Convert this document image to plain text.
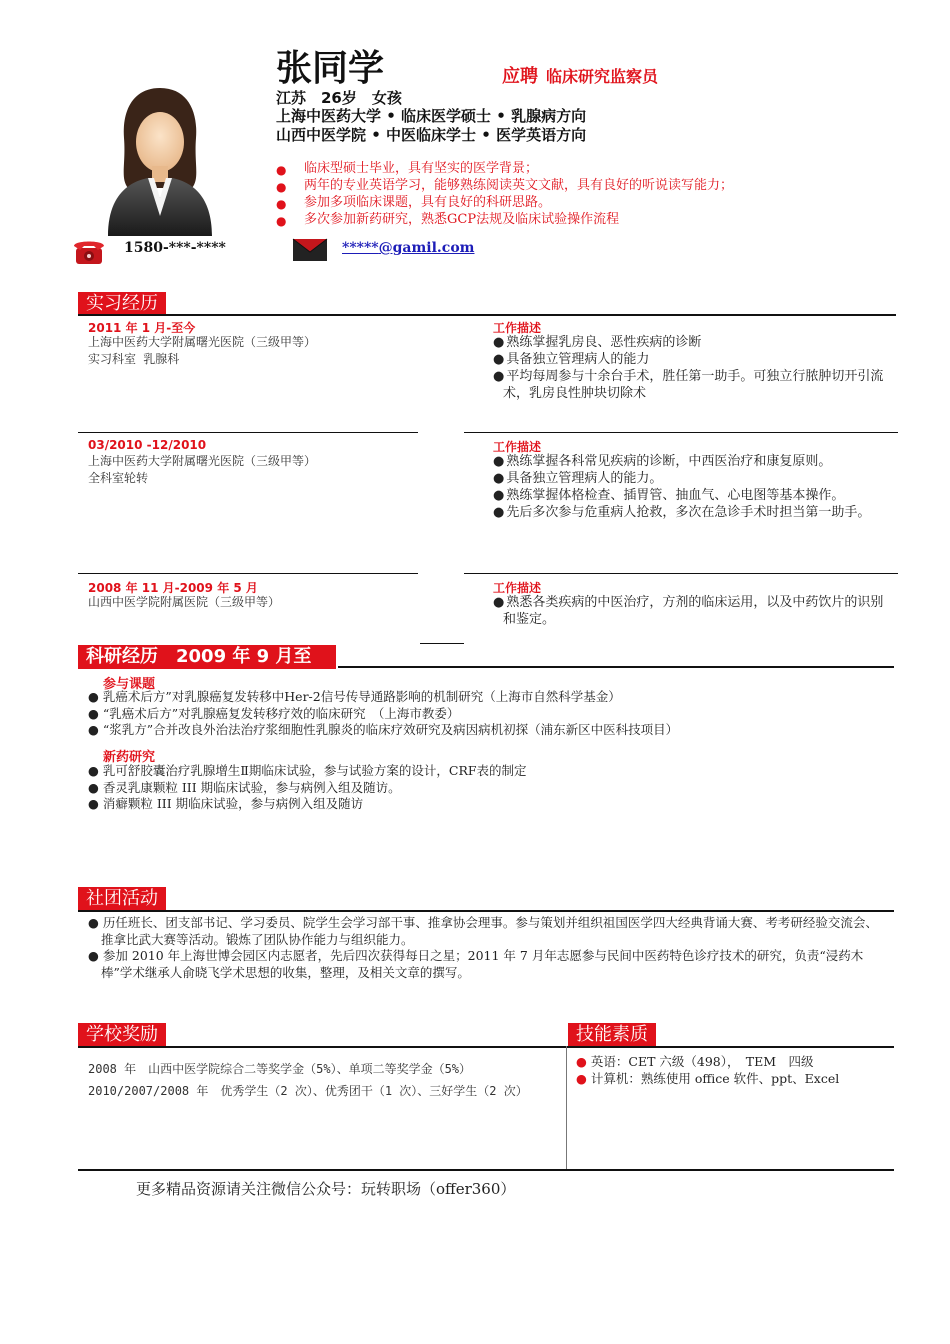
张同学	应聘 临床研究监察员
江苏　26岁　女孩
上海中医药大学 • 临床医学硕士 • 乳腺病方向
山西中医学院 • 中医临床学士 • 医学英语方向
● 临床型硕士毕业，具有坚实的医学背景；
● 两年的专业英语学习，能够熟练阅读英文文献，具有良好的听说读写能力；
● 参加多项临床课题，具有良好的科研思路。
● 多次参加新药研究，熟悉GCP法规及临床试验操作流程
1580-***-****	*****@gamil.com
实习经历
2011 年 1 月-至今
上海中医药大学附属曙光医院（三级甲等）
实习科室 乳腺科
工作描述
● 熟练掌握乳房良、恶性疾病的诊断
● 具备独立管理病人的能力
● 平均每周参与十余台手术，胜任第一助手。可独立行脓肿切开引流术，乳房良性肿块切除术
03/2010 -12/2010
上海中医药大学附属曙光医院（三级甲等）
全科室轮转
工作描述
● 熟练掌握各科常见疾病的诊断，中西医治疗和康复原则。
● 具备独立管理病人的能力。
● 熟练掌握体格检查、插胃管、抽血气、心电图等基本操作。
● 先后多次参与危重病人抢救，多次在急诊手术时担当第一助手。
2008 年 11 月-2009 年 5 月
山西中医学院附属医院（三级甲等）
工作描述
● 熟悉各类疾病的中医治疗，方剂的临床运用，以及中药饮片的识别和鉴定。
科研经历　2009 年 9 月至今 参与课题
● 乳癌术后方”对乳腺癌复发转移中Her-2信号传导通路影响的机制研究（上海市自然科学基金）
● “乳癌术后方”对乳腺癌复发转移疗效的临床研究　（上海市教委）
● “浆乳方”合并改良外治法治疗浆细胞性乳腺炎的临床疗效研究及病因病机初探（浦东新区中医科技项目）
新药研究
● 乳可舒胶囊治疗乳腺增生Ⅱ期临床试验，参与试验方案的设计，CRF表的制定
● 香灵乳康颗粒 III 期临床试验，参与病例入组及随访。
● 消癖颗粒 III 期临床试验，参与病例入组及随访
社团活动
● 历任班长、团支部书记、学习委员、院学生会学习部干事、推拿协会理事。参与策划并组织祖国医学四大经典背诵大赛、考考研经验交流会、推拿比武大赛等活动。锻炼了团队协作能力与组织能力。
● 参加 2010 年上海世博会园区内志愿者，先后四次获得每日之星；2011 年 7 月年志愿参与民间中医药特色诊疗技术的研究，负责“浸药木棒”学术继承人俞晓飞学术思想的收集，整理，及相关文章的撰写。
学校奖励	技能素质
2008 年　山西中医学院综合二等奖学金（5%）、单项二等奖学金（5%）
2010/2007/2008 年　优秀学生（2 次）、优秀团干（1 次）、三好学生（2 次）
● 英语：CET 六级（498），　TEM　四级
● 计算机：熟练使用 office 软件、ppt、Excel
更多精品资源请关注微信公众号：玩转职场（offer360）
